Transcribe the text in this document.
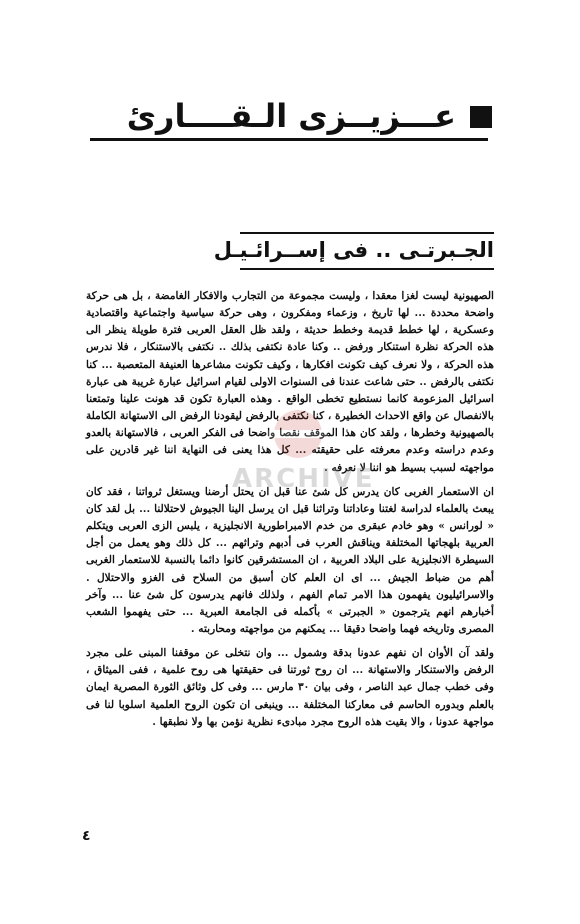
عـــزيــزى الـقــــارئ
الجـبرتـى .. فى إســرائـيـل

الصهيونية ليست لغزا معقدا ، وليست مجموعة من التجارب والافكار الغامضة ، بل هى حركة واضحة محددة ... لها تاريخ ، وزعماء ومفكرون ، وهى حركة سياسية واجتماعية واقتصادية وعسكرية ، لها خطط قديمة وخطط حديثة ، ولقد ظل العقل العربى فترة طويلة ينظر الى هذه الحركة نظرة استنكار ورفض .. وكنا عادة نكتفى بذلك .. نكتفى بالاستنكار ، فلا ندرس هذه الحركة ، ولا نعرف كيف تكونت افكارها ، وكيف تكونت مشاعرها العنيفة المتعصبة ... كنا نكتفى بالرفض .. حتى شاعت عندنا فى السنوات الاولى لقيام اسرائيل عبارة غريبة هى عبارة اسرائيل المزعومة كانما نستطيع تخطى الواقع . وهذه العبارة تكون قد هونت علينا وتمتعنا بالانفصال عن واقع الاحداث الخطيرة ، كنا نكتفى بالرفض ليقودنا الرفض الى الاستهانة الكاملة بالصهيونية وخطرها ، ولقد كان هذا الموقف نقصا واضحا فى الفكر العربى ، فالاستهانة بالعدو وعدم دراسته وعدم معرفته على حقيقته ... كل هذا يعنى فى النهاية اننا غير قادرين على مواجهته لسبب بسيط هو اننا لا نعرفه .

ان الاستعمار الغربى كان يدرس كل شئ عنا قبل ان يحتل أرضنا ويستغل ثرواتنا ، فقد كان يبعث بالعلماء لدراسة لغتنا وعاداتنا وتراثنا قبل ان يرسل الينا الجيوش لاحتلالنا ... بل لقد كان « لورانس » وهو خادم عبقرى من خدم الامبراطورية الانجليزية ، يلبس الزى العربى ويتكلم العربية بلهجاتها المختلفة ويناقش العرب فى أدبهم وتراثهم ... كل ذلك وهو يعمل من أجل السيطرة الانجليزية على البلاد العربية ، ان المستشرقين كانوا دائما بالنسبة للاستعمار الغربى أهم من ضباط الجيش ... اى ان العلم كان أسبق من السلاح فى الغزو والاحتلال . والاسرائيليون يفهمون هذا الامر تمام الفهم ، ولذلك فانهم يدرسون كل شئ عنا ... وآخر أخبارهم انهم يترجمون « الجبرتى » بأكمله فى الجامعة العبرية ... حتى يفهموا الشعب المصرى وتاريخه فهما واضحا دقيقا ... يمكنهم من مواجهته ومحاربته .

ولقد آن الأوان ان نفهم عدونا بدقة وشمول ... وان نتخلى عن موقفنا المبنى على مجرد الرفض والاستنكار والاستهانة ... ان روح ثورتنا فى حقيقتها هى روح علمية ، ففى الميثاق ، وفى خطب جمال عبد الناصر ، وفى بيان ٣٠ مارس ... وفى كل وثائق الثورة المصرية ايمان بالعلم وبدوره الحاسم فى معاركنا المختلفة ... وينبغى ان تكون الروح العلمية اسلوبا لنا فى مواجهة عدونا ، والا بقيت هذه الروح مجرد مبادىء نظرية نؤمن بها ولا نطبقها .

ARCHIVE
٤
